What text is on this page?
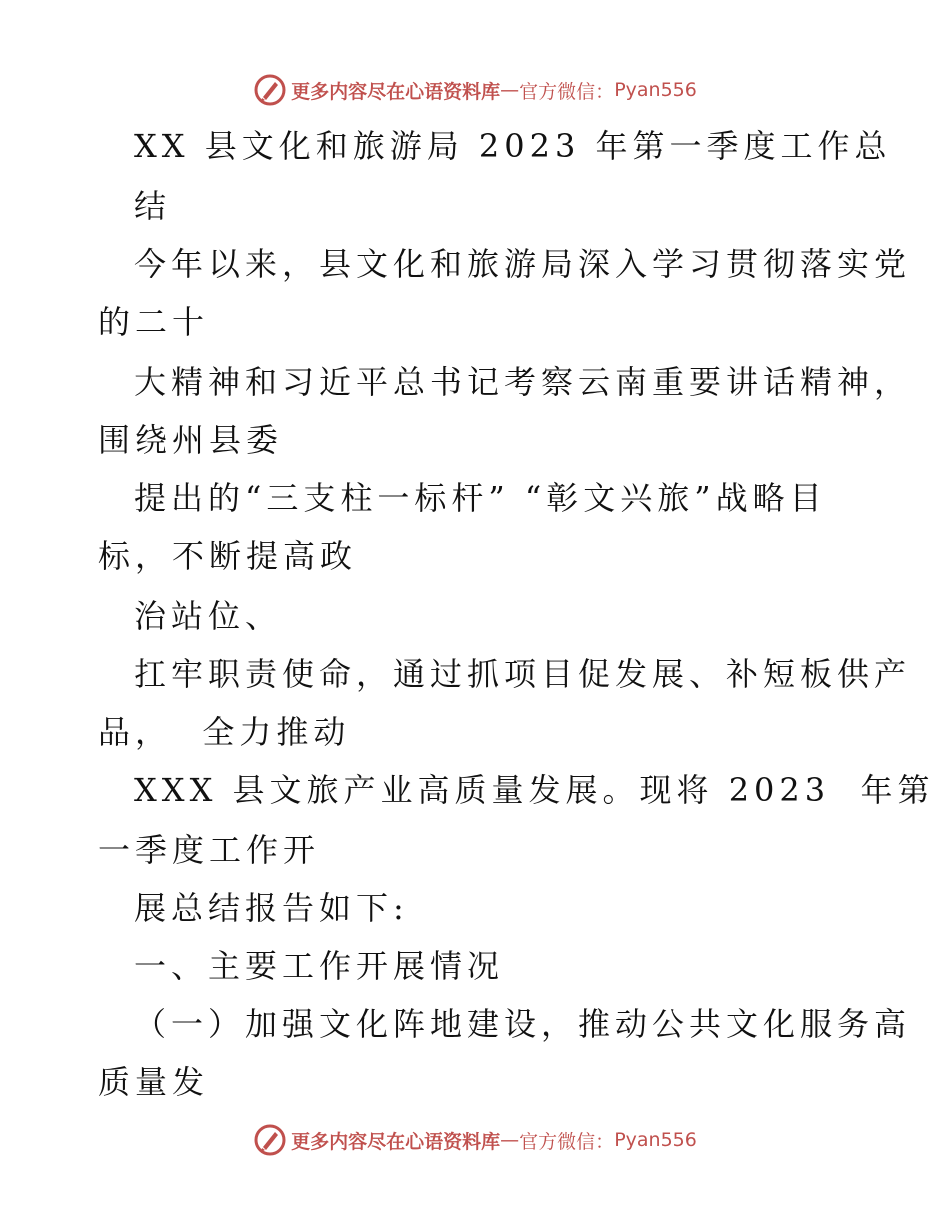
更多内容尽在心语资料库 — 官方微信： Pyan556
XX 县文化和旅游局 2023 年第一季度工作总
结
今年以来，县文化和旅游局深入学习贯彻落实党
的二十
大精神和习近平总书记考察云南重要讲话精神，
围绕州县委
提出的“三支柱一标杆” “彰文兴旅”战略目
标，不断提高政
治站位、
扛牢职责使命，通过抓项目促发展、补短板供产
品，  全力推动
XXX 县文旅产业高质量发展。现将 2023  年第
一季度工作开
展总结报告如下:
一、主要工作开展情况
（一）加强文化阵地建设，推动公共文化服务高
质量发
更多内容尽在心语资料库 — 官方微信： Pyan556
